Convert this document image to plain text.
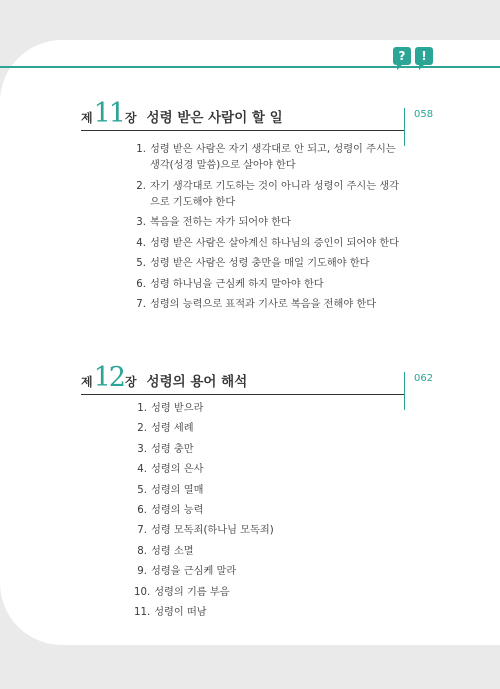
?	!
제 11 장 성령 받은 사람이 할 일	058
1. 성령 받은 사람은 자기 생각대로 안 되고, 성령이 주시는 생각(성경 말씀)으로 살아야 한다
2. 자기 생각대로 기도하는 것이 아니라 성령이 주시는 생각으로 기도해야 한다
3. 복음을 전하는 자가 되어야 한다
4. 성령 받은 사람은 살아계신 하나님의 증인이 되어야 한다
5. 성령 받은 사람은 성령 충만을 매일 기도해야 한다
6. 성령 하나님을 근심케 하지 말아야 한다
7. 성령의 능력으로 표적과 기사로 복음을 전해야 한다
제 12 장 성령의 용어 해석	062
1. 성령 받으라
2. 성령 세례
3. 성령 충만
4. 성령의 은사
5. 성령의 열매
6. 성령의 능력
7. 성령 모독죄(하나님 모독죄)
8. 성령 소멸
9. 성령을 근심케 말라
10. 성령의 기름 부음
11. 성령이 떠남
